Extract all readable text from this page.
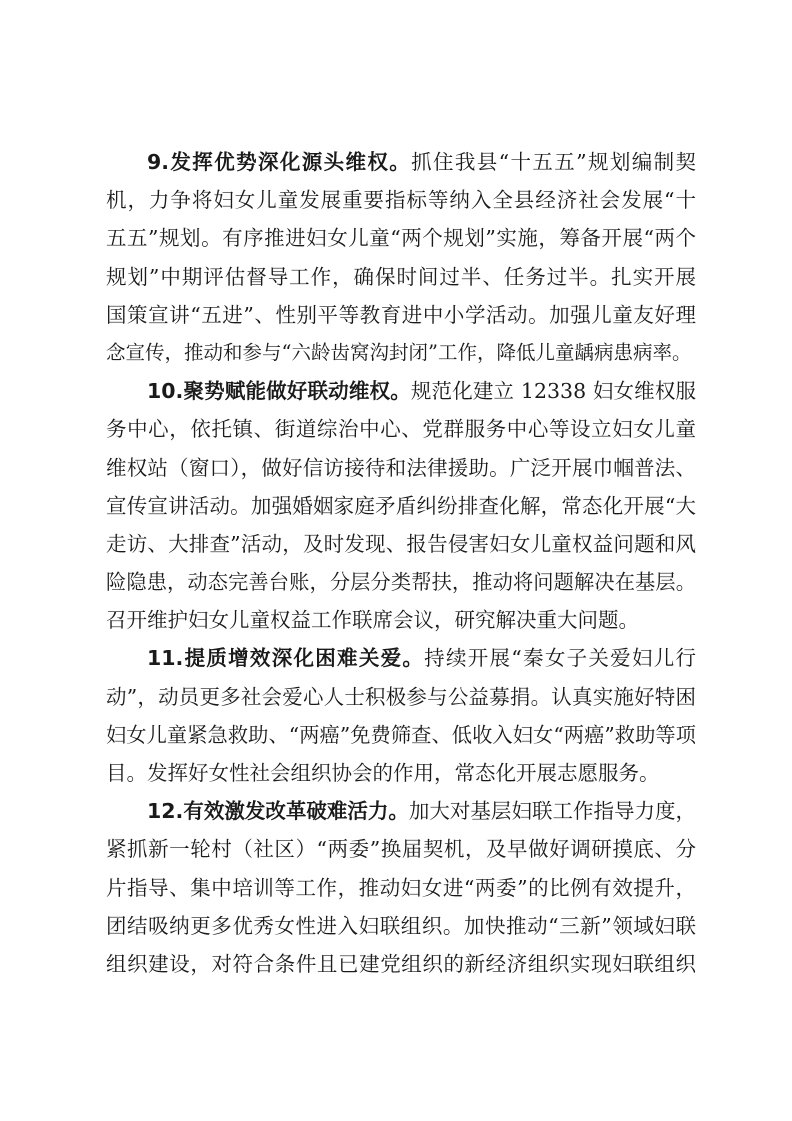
9.发挥优势深化源头维权。抓住我县“十五五”规划编制契
机，力争将妇女儿童发展重要指标等纳入全县经济社会发展“十
五五”规划。有序推进妇女儿童“两个规划”实施，筹备开展“两个
规划”中期评估督导工作，确保时间过半、任务过半。扎实开展
国策宣讲“五进”、性别平等教育进中小学活动。加强儿童友好理
念宣传，推动和参与“六龄齿窝沟封闭”工作，降低儿童龋病患病率。
10.聚势赋能做好联动维权。规范化建立 12338 妇女维权服
务中心，依托镇、街道综治中心、党群服务中心等设立妇女儿童
维权站（窗口），做好信访接待和法律援助。广泛开展巾帼普法、
宣传宣讲活动。加强婚姻家庭矛盾纠纷排查化解，常态化开展“大
走访、大排查”活动，及时发现、报告侵害妇女儿童权益问题和风
险隐患，动态完善台账，分层分类帮扶，推动将问题解决在基层。
召开维护妇女儿童权益工作联席会议，研究解决重大问题。
11.提质增效深化困难关爱。持续开展“秦女子关爱妇儿行
动”，动员更多社会爱心人士积极参与公益募捐。认真实施好特困
妇女儿童紧急救助、“两癌”免费筛查、低收入妇女“两癌”救助等项
目。发挥好女性社会组织协会的作用，常态化开展志愿服务。
12.有效激发改革破难活力。加大对基层妇联工作指导力度，
紧抓新一轮村（社区）“两委”换届契机，及早做好调研摸底、分
片指导、集中培训等工作，推动妇女进“两委”的比例有效提升，
团结吸纳更多优秀女性进入妇联组织。加快推动“三新”领域妇联
组织建设，对符合条件且已建党组织的新经济组织实现妇联组织
